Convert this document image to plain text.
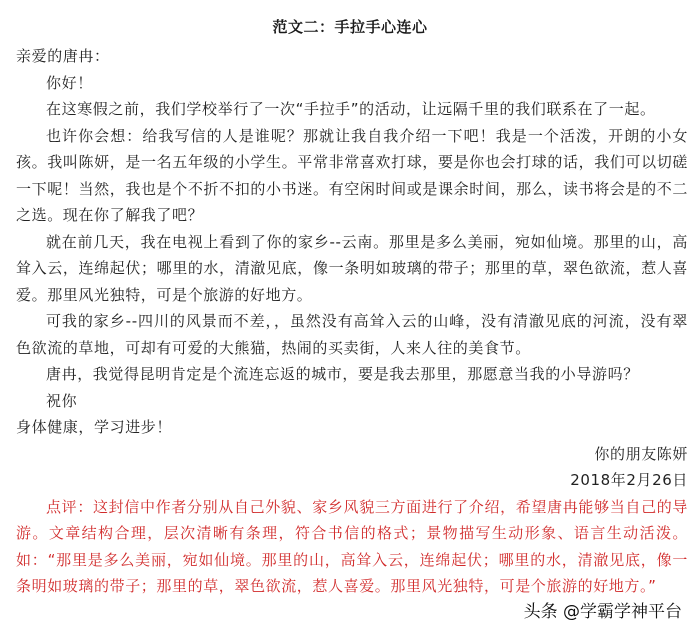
范文二：手拉手心连心

亲爱的唐冉：

你好！

在这寒假之前，我们学校举行了一次“手拉手”的活动，让远隔千里的我们联系在了一起。

也许你会想：给我写信的人是谁呢？那就让我自我介绍一下吧！我是一个活泼，开朗的小女孩。我叫陈妍，是一名五年级的小学生。平常非常喜欢打球，要是你也会打球的话，我们可以切磋一下呢！当然，我也是个不折不扣的小书迷。有空闲时间或是课余时间，那么，读书将会是的不二之选。现在你了解我了吧？

就在前几天，我在电视上看到了你的家乡--云南。那里是多么美丽，宛如仙境。那里的山，高耸入云，连绵起伏；哪里的水，清澈见底，像一条明如玻璃的带子；那里的草，翠色欲流，惹人喜爱。那里风光独特，可是个旅游的好地方。

可我的家乡--四川的风景而不差，，虽然没有高耸入云的山峰，没有清澈见底的河流，没有翠色欲流的草地，可却有可爱的大熊猫，热闹的买卖街，人来人往的美食节。

唐冉，我觉得昆明肯定是个流连忘返的城市，要是我去那里，那愿意当我的小导游吗？

祝你

身体健康，学习进步！

你的朋友陈妍

2018年2月26日

点评：这封信中作者分别从自己外貌、家乡风貌三方面进行了介绍，希望唐冉能够当自己的导游。文章结构合理，层次清晰有条理，符合书信的格式；景物描写生动形象、语言生动活泼。如：“那里是多么美丽，宛如仙境。那里的山，高耸入云，连绵起伏；哪里的水，清澈见底，像一条明如玻璃的带子；那里的草，翠色欲流，惹人喜爱。那里风光独特，可是个旅游的好地方。”

头条 @学霸学神平台
